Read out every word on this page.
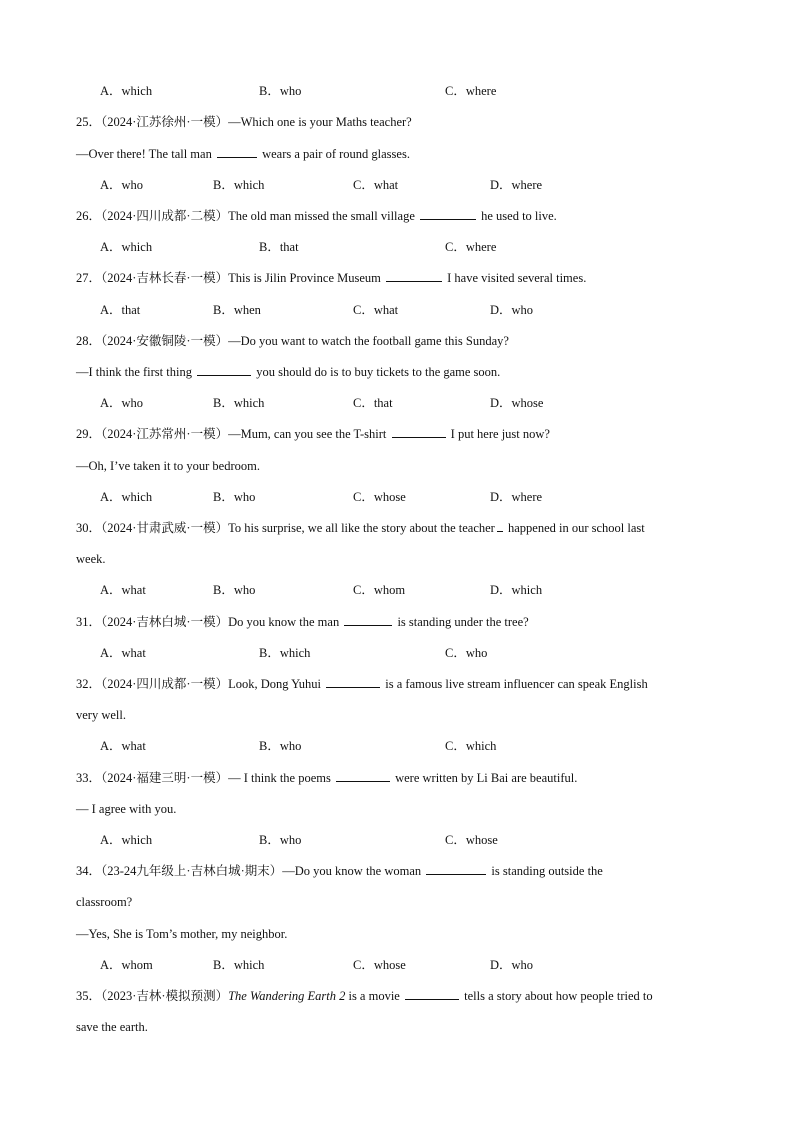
A．which	B．who	C．where
25．（2024·江苏徐州·一模）—Which one is your Maths teacher?
—Over there! The tall man	wears a pair of round glasses.
A．who	B．which	C．what	D．where
26．（2024·四川成都·二模）The old man missed the small village	he used to live.
A．which	B．that	C．where
27．（2024·吉林长春·一模）This is Jilin Province Museum	I have visited several times.
A．that	B．when	C．what	D．who
28．（2024·安徽铜陵·一模）—Do you want to watch the football game this Sunday?
—I think the first thing	you should do is to buy tickets to the game soon.
A．who	B．which	C．that	D．whose
29．（2024·江苏常州·一模）—Mum, can you see the T-shirt	I put here just now?
—Oh, I’ve taken it to your bedroom.
A．which	B．who	C．whose	D．where
30．（2024·甘肃武威·一模）To his surprise, we all like the story about the teacher happened in our school last
week.
A．what	B．who	C．whom	D．which
31．（2024·吉林白城·一模）Do you know the man	is standing under the tree?
A．what	B．which	C．who
32．（2024·四川成都·一模）Look, Dong Yuhui	is a famous live stream influencer can speak English
very well.
A．what	B．who	C．which
33．（2024·福建三明·一模）— I think the poems	were written by Li Bai are beautiful.
— I agree with you.
A．which	B．who	C．whose
34．（23-24九年级上·吉林白城·期末）—Do you know the woman	is standing outside the
classroom?
—Yes, She is Tom’s mother, my neighbor.
A．whom	B．which	C．whose	D．who
35．（2023·吉林·模拟预测）The Wandering Earth 2 is a movie	tells a story about how people tried to
save the earth.
